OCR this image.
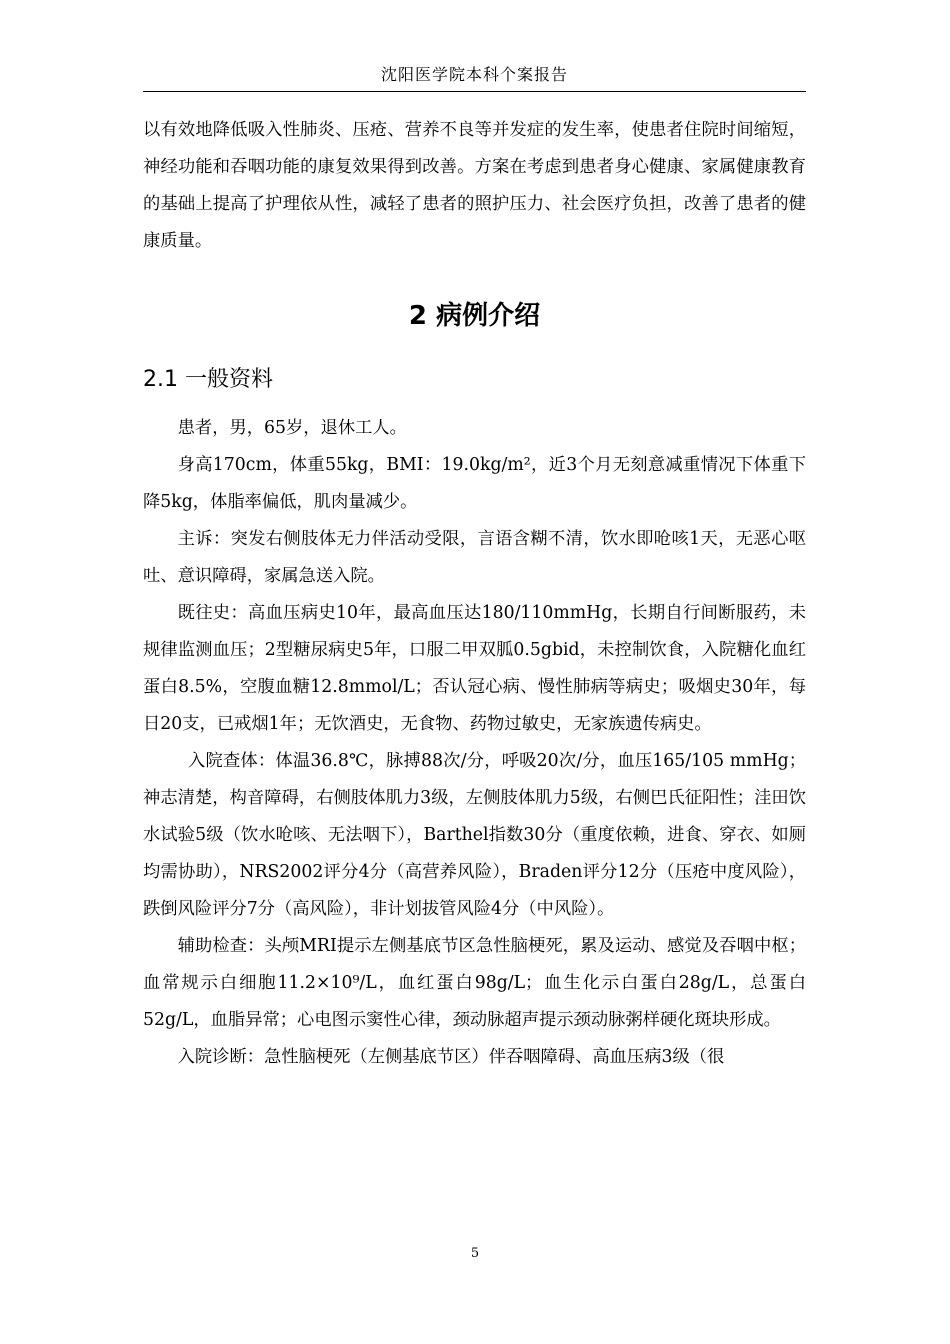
沈阳医学院本科个案报告

以有效地降低吸入性肺炎、压疮、营养不良等并发症的发生率，使患者住院时间缩短，神经功能和吞咽功能的康复效果得到改善。方案在考虑到患者身心健康、家属健康教育的基础上提高了护理依从性，减轻了患者的照护压力、社会医疗负担，改善了患者的健康质量。

2 病例介绍
2.1 一般资料

患者，男，65岁，退休工人。

身高170cm，体重55kg，BMI：19.0kg/m²，近3个月无刻意减重情况下体重下降5kg，体脂率偏低，肌肉量减少。

主诉：突发右侧肢体无力伴活动受限，言语含糊不清，饮水即呛咳1天，无恶心呕吐、意识障碍，家属急送入院。

既往史：高血压病史10年，最高血压达180/110mmHg，长期自行间断服药，未规律监测血压；2型糖尿病史5年，口服二甲双胍0.5gbid，未控制饮食，入院糖化血红蛋白8.5%，空腹血糖12.8mmol/L；否认冠心病、慢性肺病等病史；吸烟史30年，每日20支，已戒烟1年；无饮酒史，无食物、药物过敏史，无家族遗传病史。

入院查体：体温36.8℃，脉搏88次/分，呼吸20次/分，血压165/105 mmHg；神志清楚，构音障碍，右侧肢体肌力3级，左侧肢体肌力5级，右侧巴氏征阳性；洼田饮水试验5级（饮水呛咳、无法咽下），Barthel指数30分（重度依赖，进食、穿衣、如厕均需协助），NRS2002评分4分（高营养风险），Braden评分12分（压疮中度风险），跌倒风险评分7分（高风险），非计划拔管风险4分（中风险）。

辅助检查：头颅MRI提示左侧基底节区急性脑梗死，累及运动、感觉及吞咽中枢；血常规示白细胞11.2×10⁹/L，血红蛋白98g/L；血生化示白蛋白28g/L，总蛋白52g/L，血脂异常；心电图示窦性心律，颈动脉超声提示颈动脉粥样硬化斑块形成。

入院诊断：急性脑梗死（左侧基底节区）伴吞咽障碍、高血压病3级（很

5
